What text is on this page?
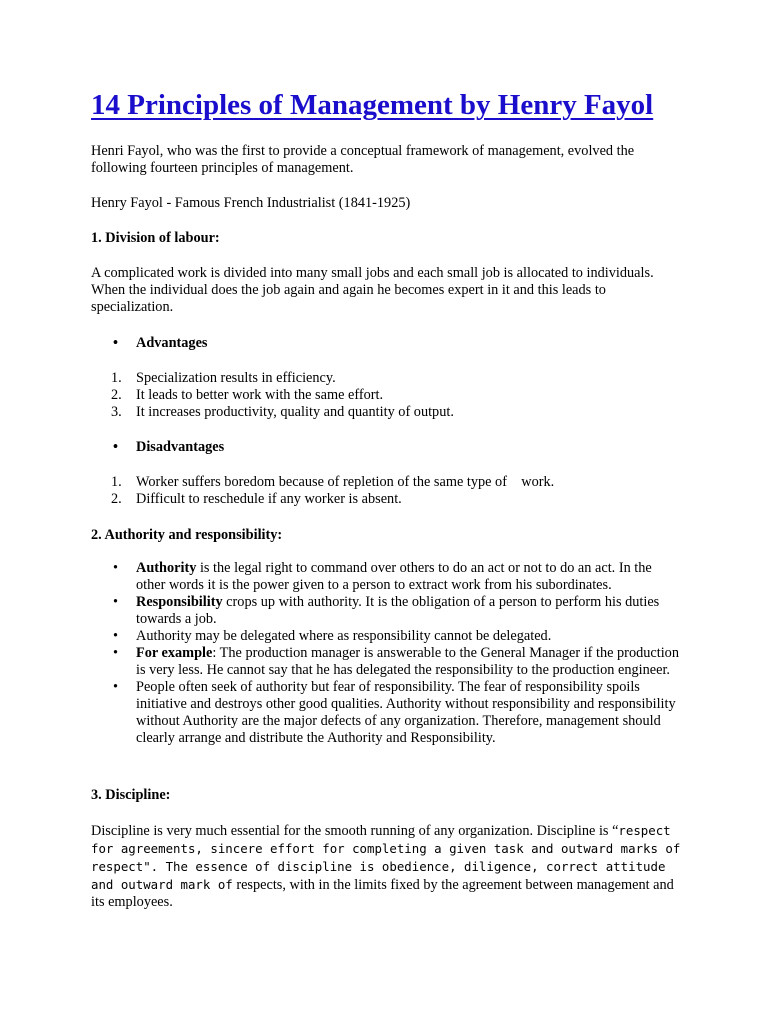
14 Principles of Management by Henry Fayol

Henri Fayol, who was the first to provide a conceptual framework of management, evolved the following fourteen principles of management.

Henry Fayol - Famous French Industrialist (1841-1925)

1. Division of labour:

A complicated work is divided into many small jobs and each small job is allocated to individuals. When the individual does the job again and again he becomes expert in it and this leads to specialization.

• Advantages
1. Specialization results in efficiency.
2. It leads to better work with the same effort.
3. It increases productivity, quality and quantity of output.
• Disadvantages
1. Worker suffers boredom because of repletion of the same type of    work.
2. Difficult to reschedule if any worker is absent.

2. Authority and responsibility:

• Authority is the legal right to command over others to do an act or not to do an act. In the other words it is the power given to a person to extract work from his subordinates.
• Responsibility crops up with authority. It is the obligation of a person to perform his duties towards a job.
• Authority may be delegated where as responsibility cannot be delegated.
• For example: The production manager is answerable to the General Manager if the production is very less. He cannot say that he has delegated the responsibility to the production engineer.
• People often seek of authority but fear of responsibility. The fear of responsibility spoils initiative and destroys other good qualities. Authority without responsibility and responsibility without Authority are the major defects of any organization. Therefore, management should clearly arrange and distribute the Authority and Responsibility.

3. Discipline:

Discipline is very much essential for the smooth running of any organization. Discipline is “respect for agreements, sincere effort for completing a given task and outward marks of respect". The essence of discipline is obedience, diligence, correct attitude and outward mark of respects, with in the limits fixed by the agreement between management and its employees.
